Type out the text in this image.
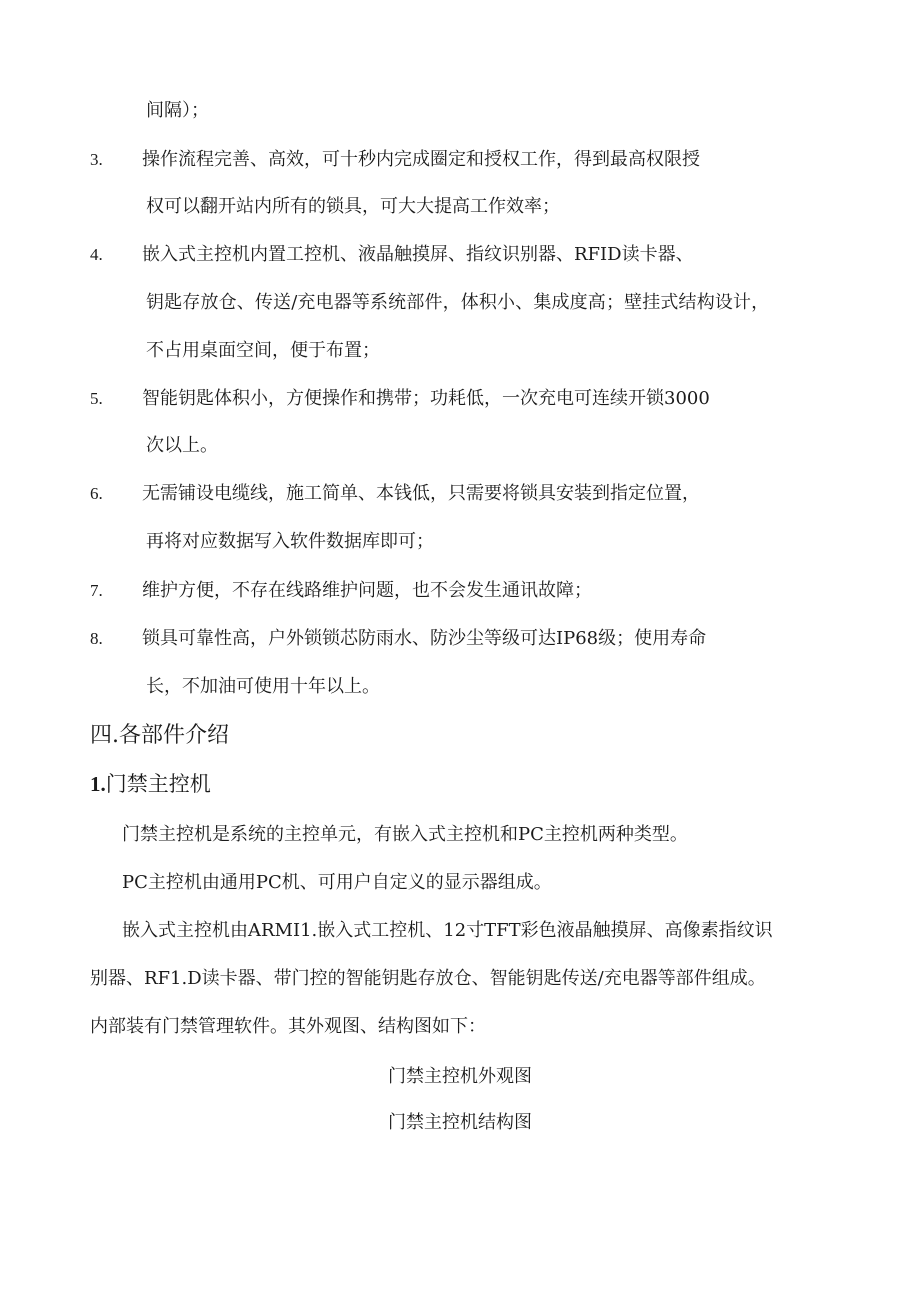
间隔）；
3. 操作流程完善、高效，可十秒内完成圈定和授权工作，得到最高权限授
权可以翻开站内所有的锁具，可大大提高工作效率；
4. 嵌入式主控机内置工控机、液晶触摸屏、指纹识别器、RFID读卡器、
钥匙存放仓、传送/充电器等系统部件，体积小、集成度高；壁挂式结构设计，
不占用桌面空间，便于布置；
5. 智能钥匙体积小，方便操作和携带；功耗低，一次充电可连续开锁3000
次以上。
6. 无需铺设电缆线，施工简单、本钱低，只需要将锁具安装到指定位置，
再将对应数据写入软件数据库即可；
7. 维护方便，不存在线路维护问题，也不会发生通讯故障；
8. 锁具可靠性高，户外锁锁芯防雨水、防沙尘等级可达IP68级；使用寿命
长，不加油可使用十年以上。
四.各部件介绍
1.门禁主控机
门禁主控机是系统的主控单元，有嵌入式主控机和PC主控机两种类型。
PC主控机由通用PC机、可用户自定义的显示器组成。
嵌入式主控机由ARMI1.嵌入式工控机、12寸TFT彩色液晶触摸屏、高像素指纹识
别器、RF1.D读卡器、带门控的智能钥匙存放仓、智能钥匙传送/充电器等部件组成。
内部装有门禁管理软件。其外观图、结构图如下：
门禁主控机外观图
门禁主控机结构图
